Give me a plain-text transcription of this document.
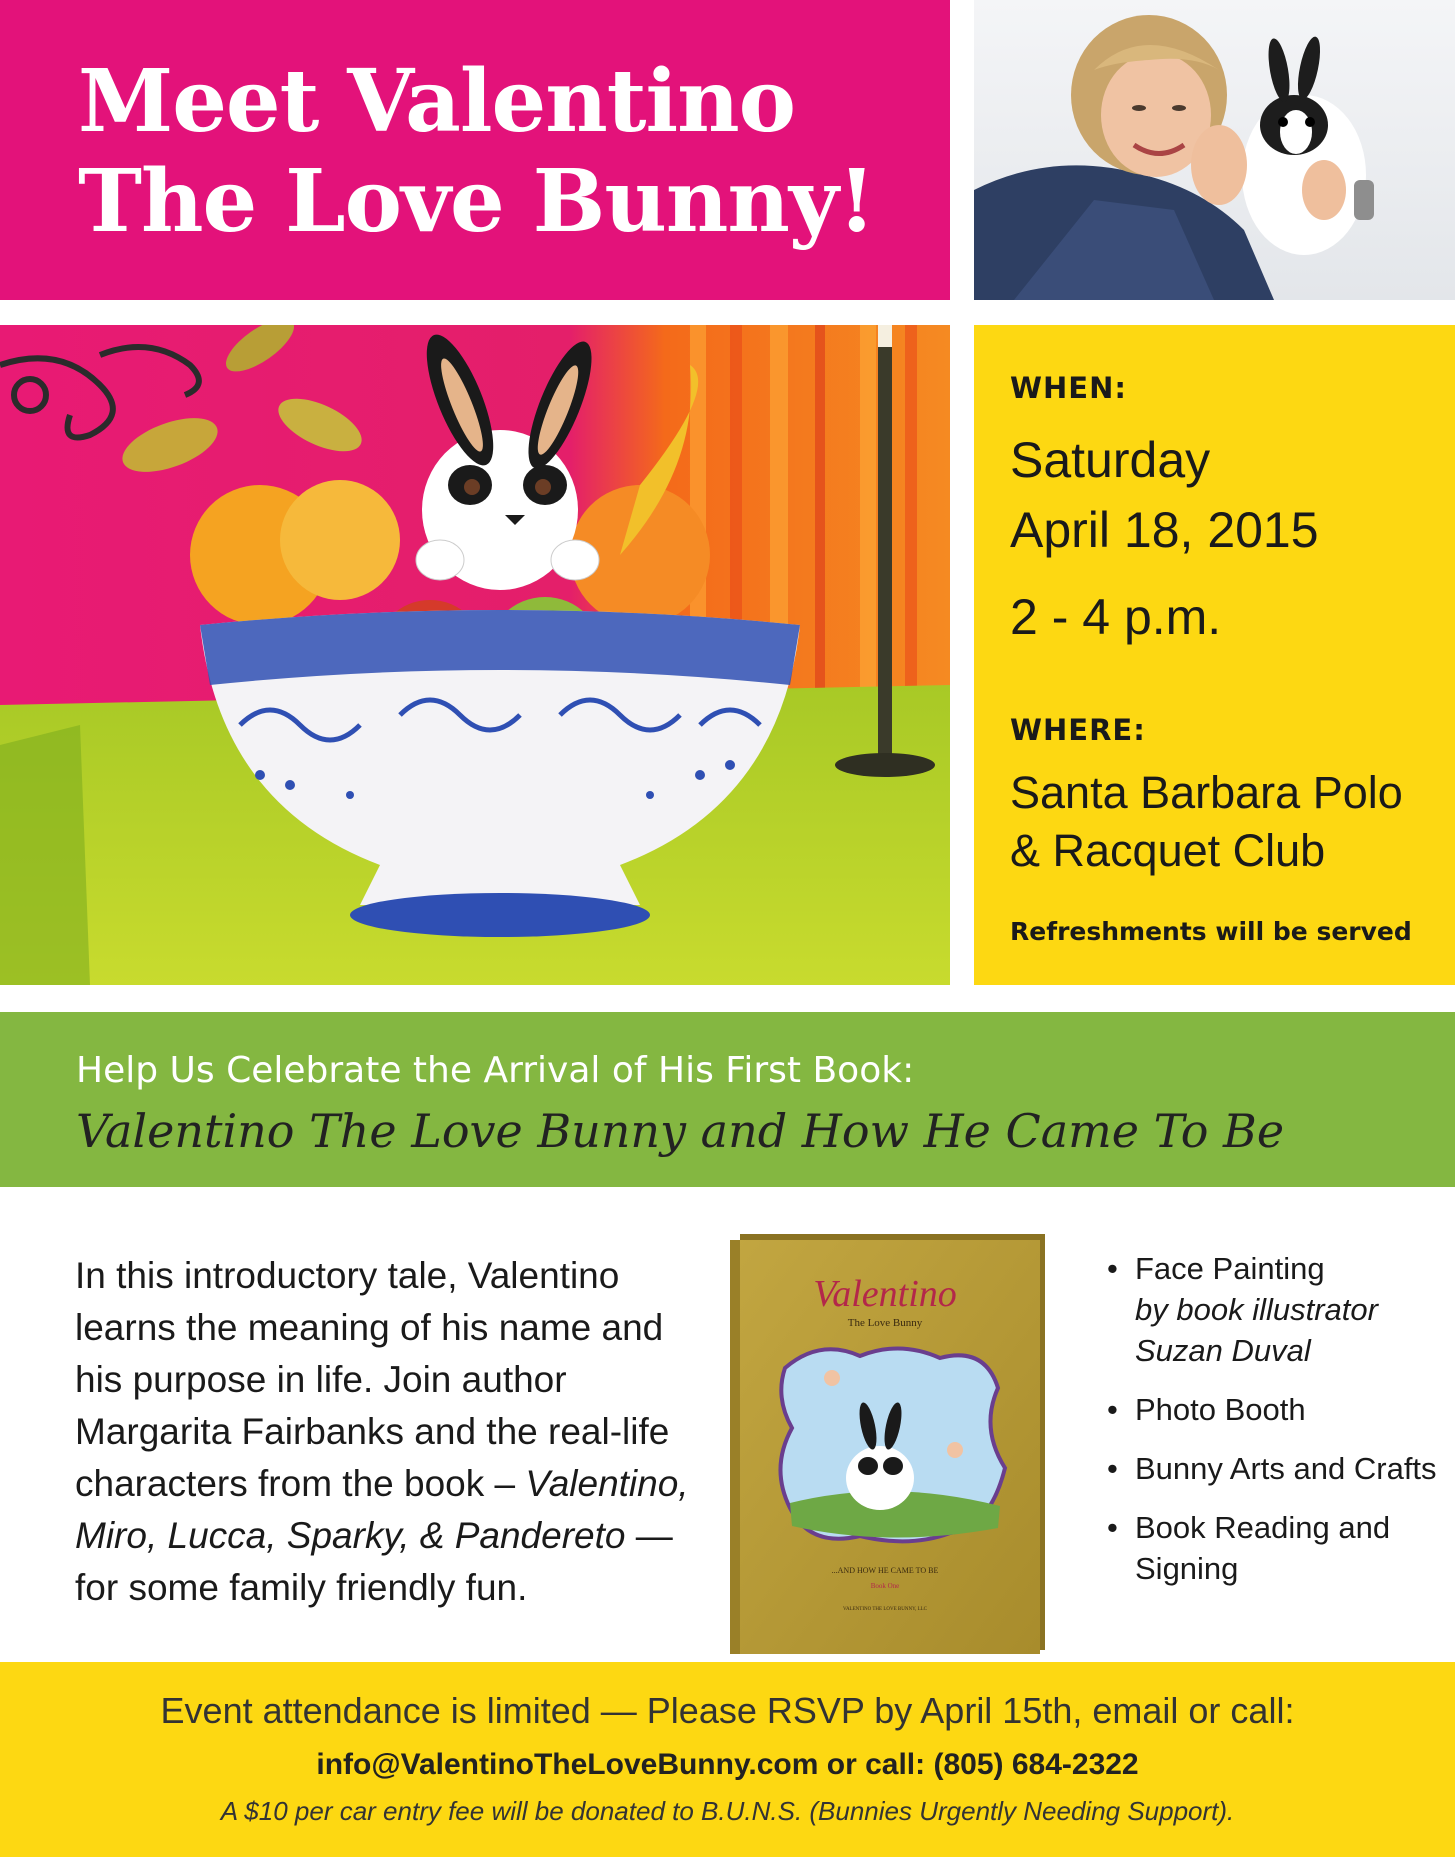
Meet Valentino
The Love Bunny!
WHEN:
Saturday
April 18, 2015
2 - 4 p.m.
WHERE:
Santa Barbara Polo
& Racquet Club
Refreshments will be served
Help Us Celebrate the Arrival of His First Book:
Valentino The Love Bunny and How He Came To Be
In this introductory tale, Valentino learns the meaning of his name and his purpose in life. Join author Margarita Fairbanks and the real-life characters from the book – Valentino, Miro, Lucca, Sparky, & Pandereto — for some family friendly fun.
Valentino
The Love Bunny
...AND HOW HE CAME TO BE
Book One
VALENTINO THE LOVE BUNNY, LLC
• Face Painting
by book illustrator Suzan Duval
• Photo Booth
• Bunny Arts and Crafts
• Book Reading and Signing
Event attendance is limited — Please RSVP by April 15th, email or call:
info@ValentinoTheLoveBunny.com or call: (805) 684-2322
A $10 per car entry fee will be donated to B.U.N.S. (Bunnies Urgently Needing Support).
